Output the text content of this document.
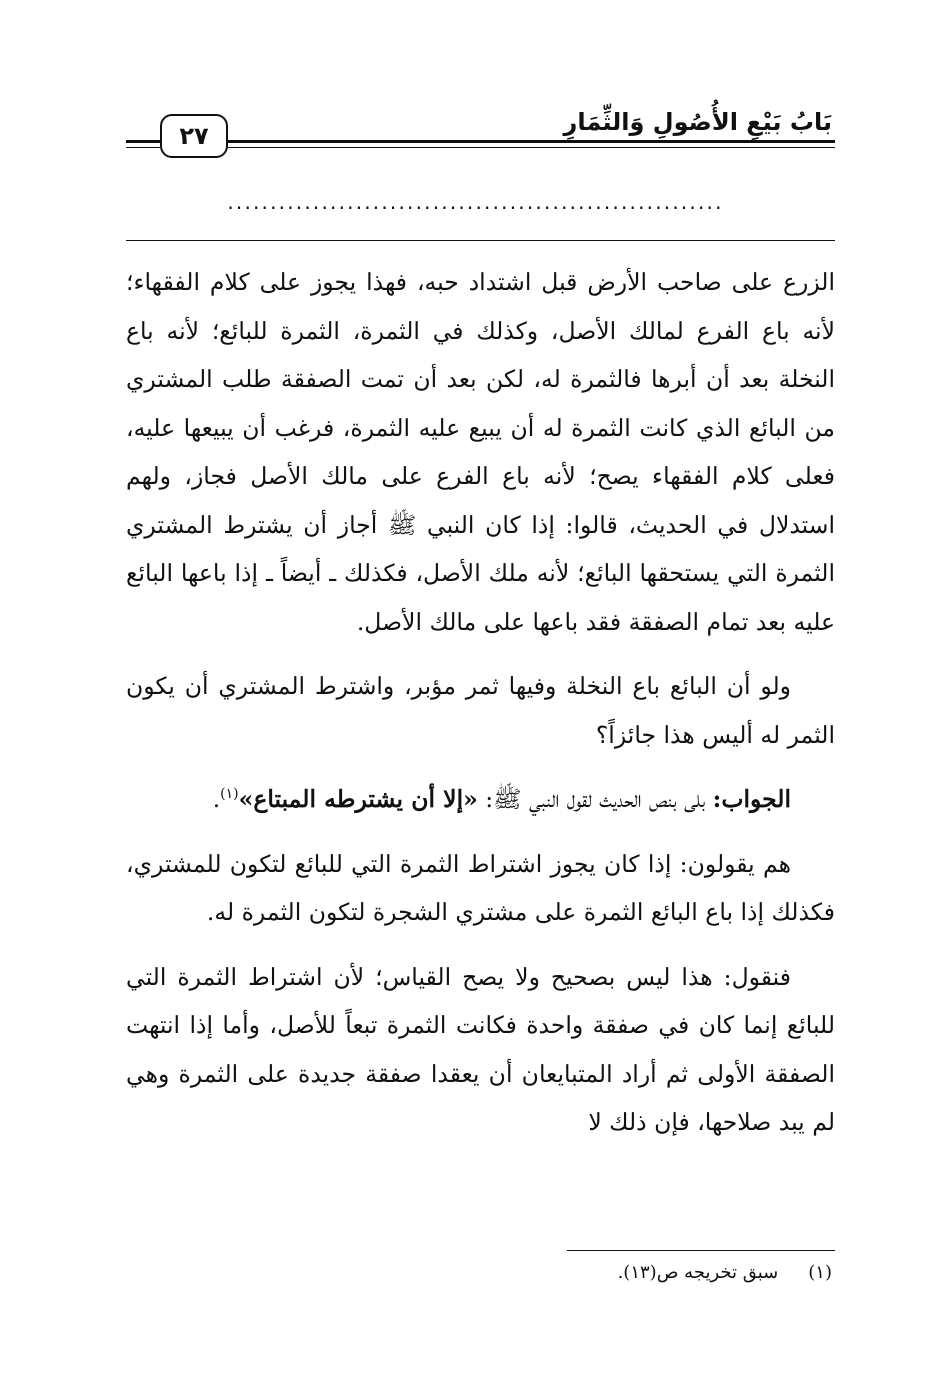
بَابُ بَيْعِ الأُصُولِ وَالثِّمَارِ
٢٧
..........................................................

الزرع على صاحب الأرض قبل اشتداد حبه، فهذا يجوز على كلام الفقهاء؛ لأنه باع الفرع لمالك الأصل، وكذلك في الثمرة، الثمرة للبائع؛ لأنه باع النخلة بعد أن أبرها فالثمرة له، لكن بعد أن تمت الصفقة طلب المشتري من البائع الذي كانت الثمرة له أن يبيع عليه الثمرة، فرغب أن يبيعها عليه، فعلى كلام الفقهاء يصح؛ لأنه باع الفرع على مالك الأصل فجاز، ولهم استدلال في الحديث، قالوا: إذا كان النبي ﷺ أجاز أن يشترط المشتري الثمرة التي يستحقها البائع؛ لأنه ملك الأصل، فكذلك ـ أيضاً ـ إذا باعها البائع عليه بعد تمام الصفقة فقد باعها على مالك الأصل.

ولو أن البائع باع النخلة وفيها ثمر مؤبر، واشترط المشتري أن يكون الثمر له أليس هذا جائزاً؟

الجواب: بلى بنص الحديث لقول النبي ﷺ: «إلا أن يشترطه المبتاع»$^{(١)}$.

هم يقولون: إذا كان يجوز اشتراط الثمرة التي للبائع لتكون للمشتري، فكذلك إذا باع البائع الثمرة على مشتري الشجرة لتكون الثمرة له.

فنقول: هذا ليس بصحيح ولا يصح القياس؛ لأن اشتراط الثمرة التي للبائع إنما كان في صفقة واحدة فكانت الثمرة تبعاً للأصل، وأما إذا انتهت الصفقة الأولى ثم أراد المتبايعان أن يعقدا صفقة جديدة على الثمرة وهي لم يبد صلاحها، فإن ذلك لا

(١)سبق تخريجه ص(١٣).
